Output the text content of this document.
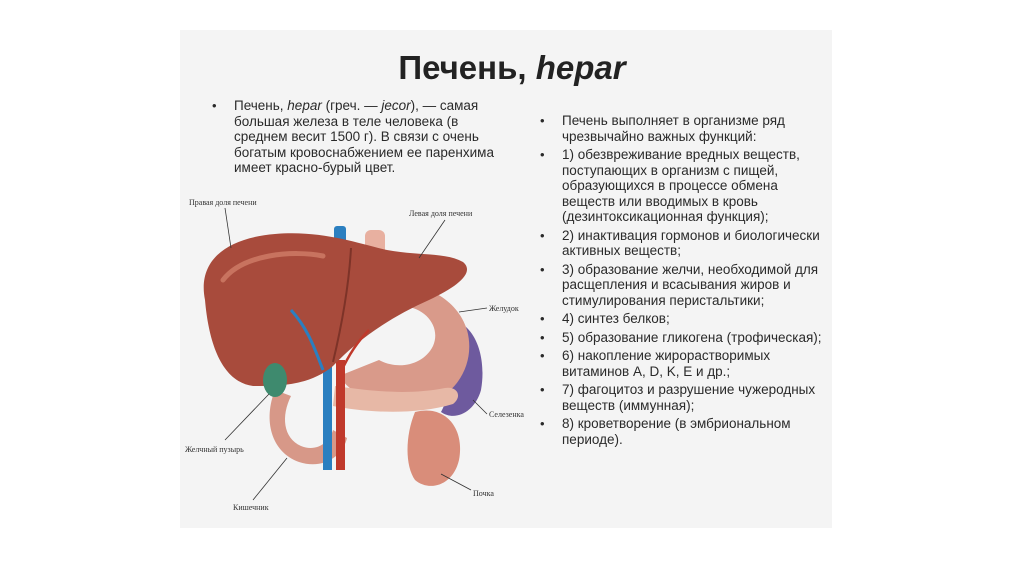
Печень, hepar
• Печень, hepar (греч. — jecor), — самая большая железа в теле человека (в среднем весит 1500 г). В связи с очень богатым кровоснабжением ее паренхима имеет красно-бурый цвет.
• Печень выполняет в организме ряд чрезвычайно важных функций:
• 1) обезвреживание вредных веществ, поступающих в организм с пищей, образующихся в процессе обмена веществ или вводимых в кровь (дезинтоксикационная функция);
• 2) инактивация гормонов и биологически активных веществ;
• 3) образование желчи, необходимой для расщепления и всасывания жиров и стимулирования перистальтики;
• 4) синтез белков;
• 5) образование гликогена (трофическая);
• 6) накопление жирорастворимых витаминов A, D, K, E и др.;
• 7) фагоцитоз и разрушение чужеродных веществ (иммунная);
• 8) кроветворение (в эмбриональном периоде).
Правая доля печени
Левая доля печени
Желудок
Селезенка
Желчный пузырь
Почка
Кишечник
